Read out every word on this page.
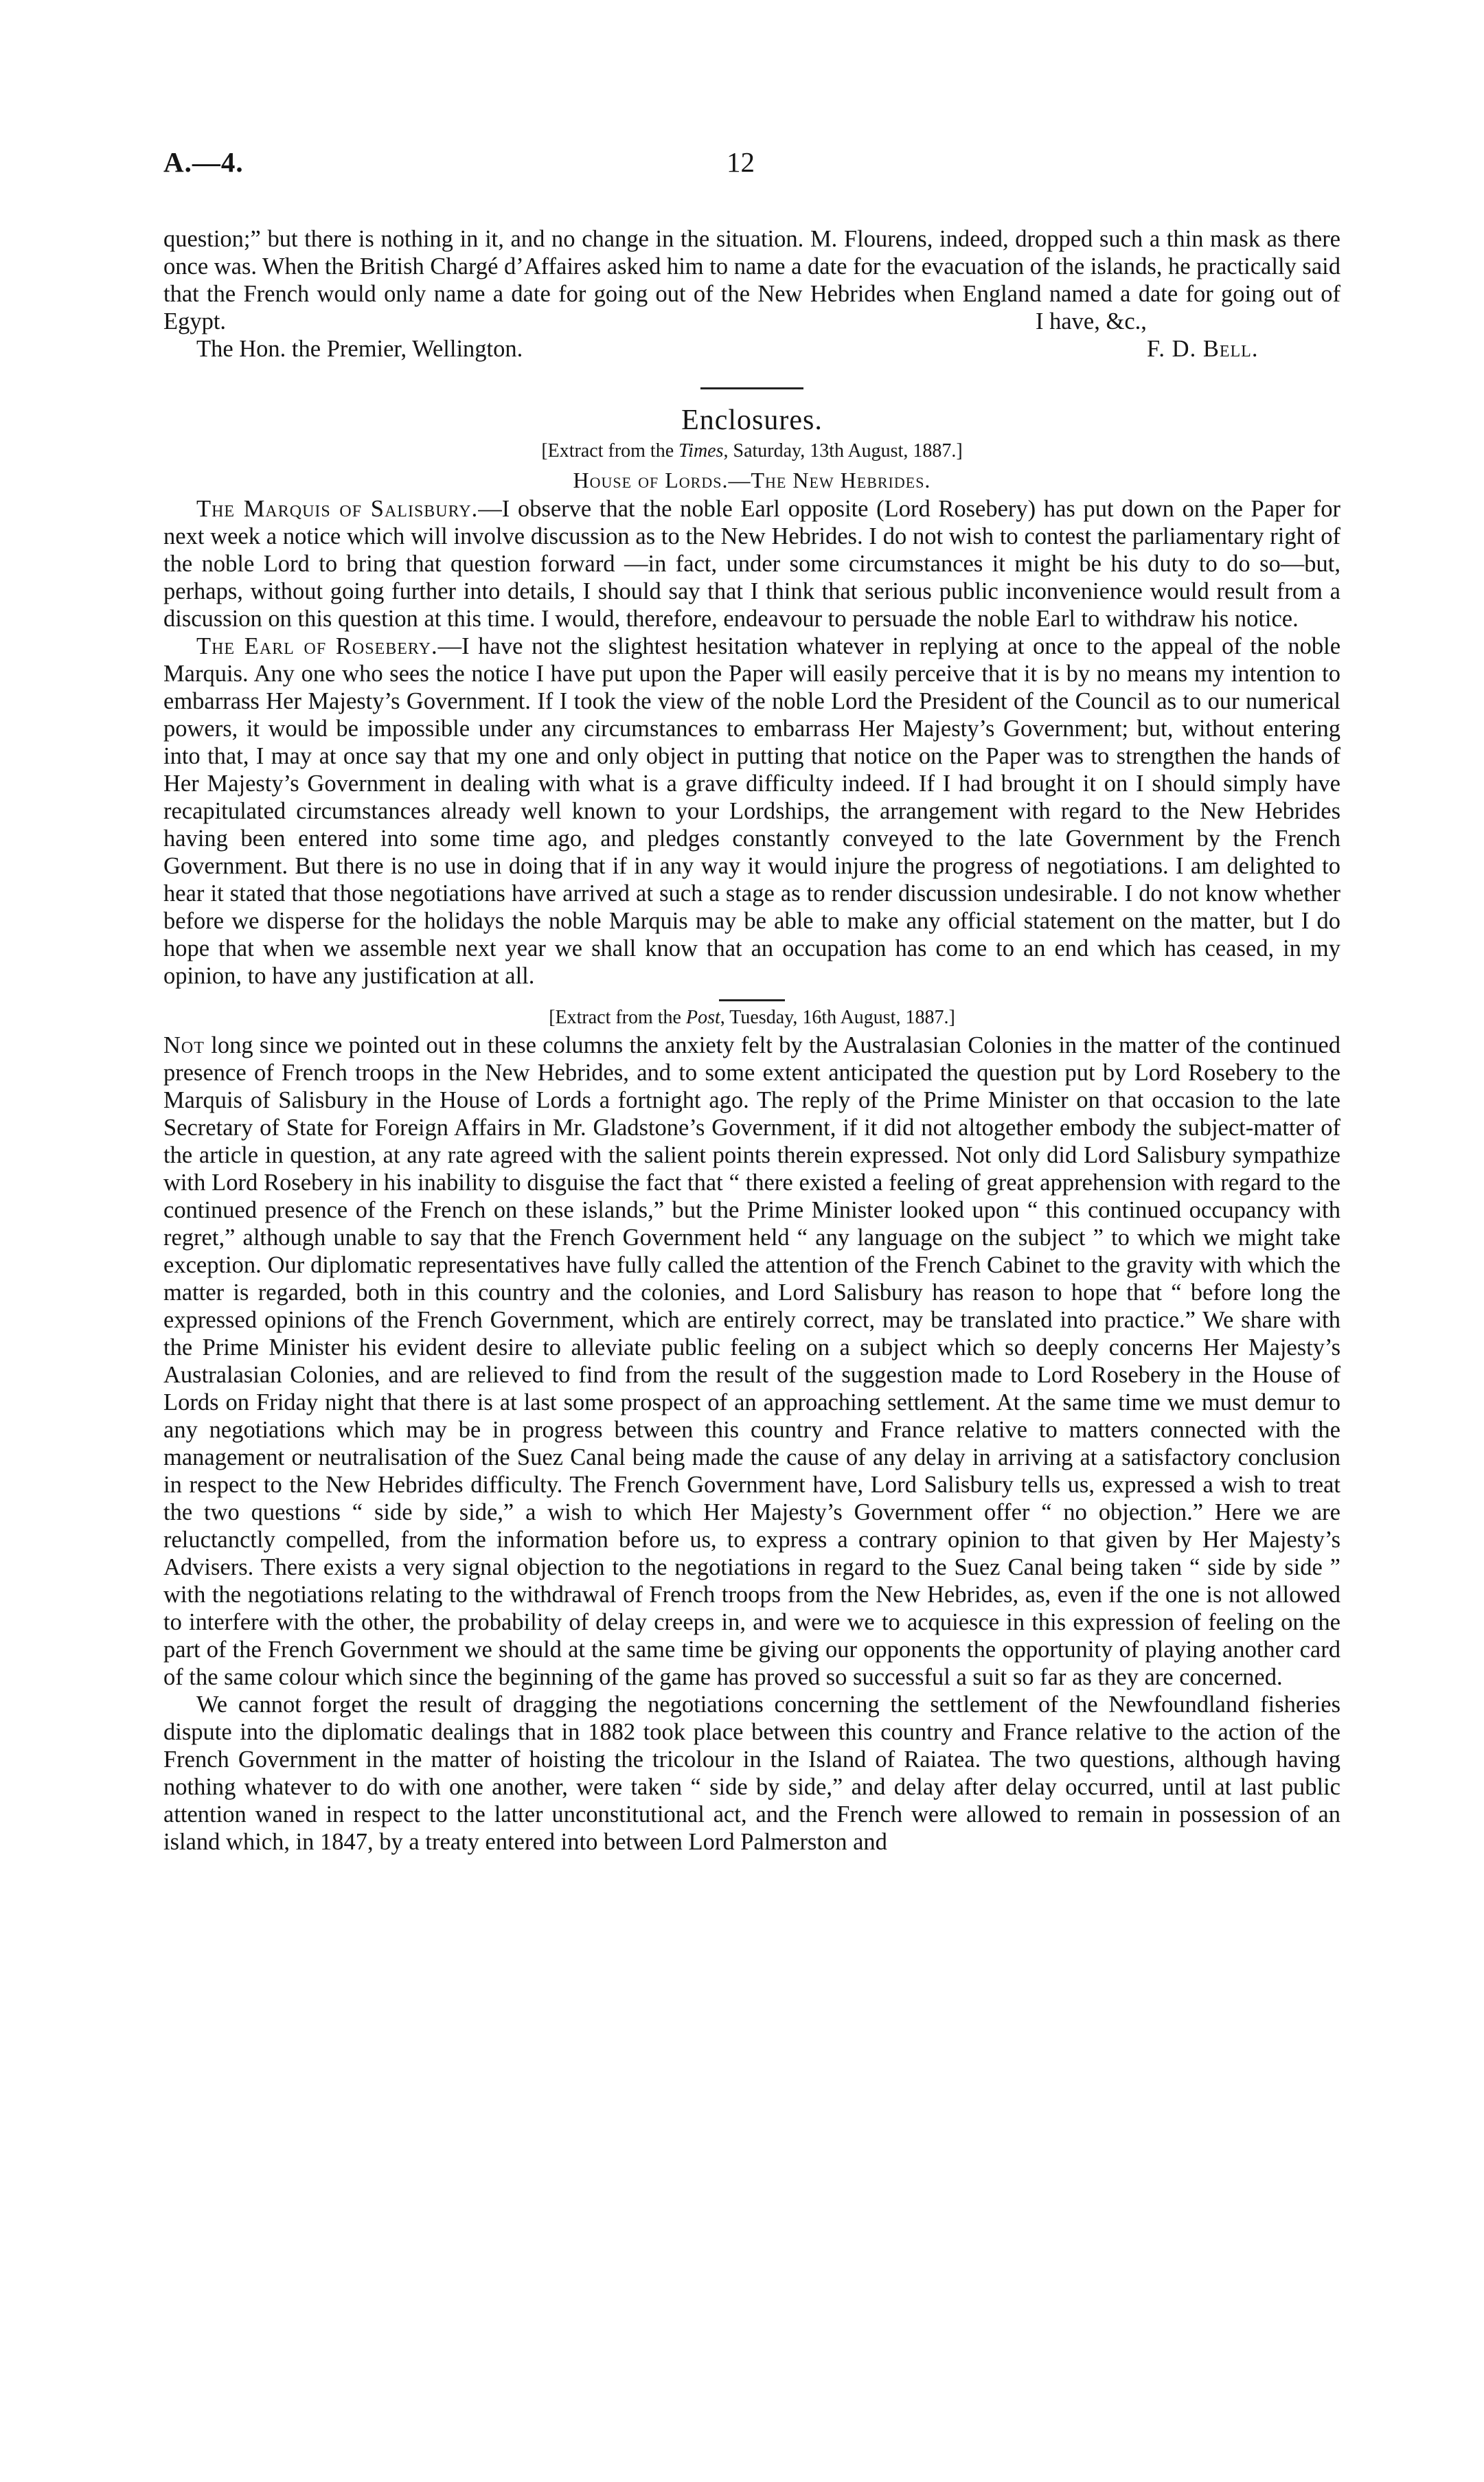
A.—4.	12

question;” but there is nothing in it, and no change in the situation. M. Flourens, indeed, dropped such a thin mask as there once was. When the British Chargé d’Affaires asked him to name a date for the evacuation of the islands, he practically said that the French would only name a date for going out of the New Hebrides when England named a date for going out of Egypt.	I have, &c.,
The Hon. the Premier, Wellington.	F. D. Bell.
Enclosures.
[Extract from the Times, Saturday, 13th August, 1887.]
House of Lords.—The New Hebrides.

The Marquis of Salisbury.—I observe that the noble Earl opposite (Lord Rosebery) has put down on the Paper for next week a notice which will involve discussion as to the New Hebrides. I do not wish to contest the parliamentary right of the noble Lord to bring that question forward —in fact, under some circumstances it might be his duty to do so—but, perhaps, without going further into details, I should say that I think that serious public inconvenience would result from a discussion on this question at this time. I would, therefore, endeavour to persuade the noble Earl to withdraw his notice.

The Earl of Rosebery.—I have not the slightest hesitation whatever in replying at once to the appeal of the noble Marquis. Any one who sees the notice I have put upon the Paper will easily perceive that it is by no means my intention to embarrass Her Majesty’s Government. If I took the view of the noble Lord the President of the Council as to our numerical powers, it would be impossible under any circumstances to embarrass Her Majesty’s Government; but, without entering into that, I may at once say that my one and only object in putting that notice on the Paper was to strengthen the hands of Her Majesty’s Government in dealing with what is a grave difficulty indeed. If I had brought it on I should simply have recapitulated circumstances already well known to your Lordships, the arrangement with regard to the New Hebrides having been entered into some time ago, and pledges constantly conveyed to the late Government by the French Government. But there is no use in doing that if in any way it would injure the progress of negotiations. I am delighted to hear it stated that those negotiations have arrived at such a stage as to render discussion undesirable. I do not know whether before we disperse for the holidays the noble Marquis may be able to make any official statement on the matter, but I do hope that when we assemble next year we shall know that an occupation has come to an end which has ceased, in my opinion, to have any justification at all.

[Extract from the Post, Tuesday, 16th August, 1887.]

Not long since we pointed out in these columns the anxiety felt by the Australasian Colonies in the matter of the continued presence of French troops in the New Hebrides, and to some extent anticipated the question put by Lord Rosebery to the Marquis of Salisbury in the House of Lords a fortnight ago. The reply of the Prime Minister on that occasion to the late Secretary of State for Foreign Affairs in Mr. Gladstone’s Government, if it did not altogether embody the subject-matter of the article in question, at any rate agreed with the salient points therein expressed. Not only did Lord Salisbury sympathize with Lord Rosebery in his inability to disguise the fact that “ there existed a feeling of great apprehension with regard to the continued presence of the French on these islands,” but the Prime Minister looked upon “ this continued occupancy with regret,” although unable to say that the French Government held “ any language on the subject ” to which we might take exception. Our diplomatic representatives have fully called the attention of the French Cabinet to the gravity with which the matter is regarded, both in this country and the colonies, and Lord Salisbury has reason to hope that “ before long the expressed opinions of the French Government, which are entirely correct, may be translated into practice.” We share with the Prime Minister his evident desire to alleviate public feeling on a subject which so deeply concerns Her Majesty’s Australasian Colonies, and are relieved to find from the result of the suggestion made to Lord Rosebery in the House of Lords on Friday night that there is at last some prospect of an approaching settlement. At the same time we must demur to any negotiations which may be in progress between this country and France relative to matters connected with the management or neutralisation of the Suez Canal being made the cause of any delay in arriving at a satisfactory conclusion in respect to the New Hebrides difficulty. The French Government have, Lord Salisbury tells us, expressed a wish to treat the two questions “ side by side,” a wish to which Her Majesty’s Government offer “ no objection.” Here we are reluctanctly compelled, from the information before us, to express a contrary opinion to that given by Her Majesty’s Advisers. There exists a very signal objection to the negotiations in regard to the Suez Canal being taken “ side by side ” with the negotiations relating to the withdrawal of French troops from the New Hebrides, as, even if the one is not allowed to interfere with the other, the probability of delay creeps in, and were we to acquiesce in this expression of feeling on the part of the French Government we should at the same time be giving our opponents the opportunity of playing another card of the same colour which since the beginning of the game has proved so successful a suit so far as they are concerned.

We cannot forget the result of dragging the negotiations concerning the settlement of the Newfoundland fisheries dispute into the diplomatic dealings that in 1882 took place between this country and France relative to the action of the French Government in the matter of hoisting the tricolour in the Island of Raiatea. The two questions, although having nothing whatever to do with one another, were taken “ side by side,” and delay after delay occurred, until at last public attention waned in respect to the latter unconstitutional act, and the French were allowed to remain in possession of an island which, in 1847, by a treaty entered into between Lord Palmerston and
